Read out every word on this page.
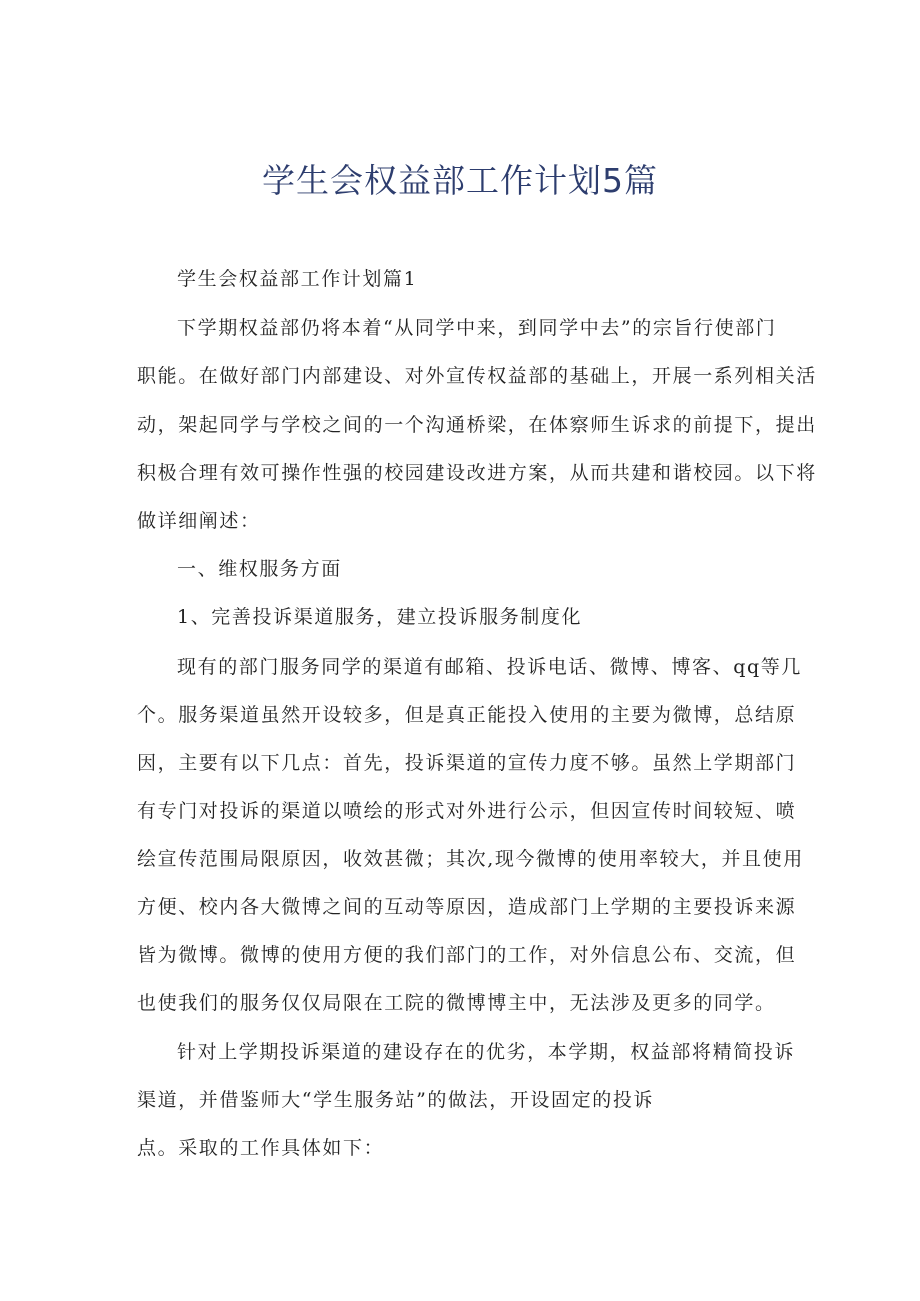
学生会权益部工作计划5篇
学生会权益部工作计划篇1
下学期权益部仍将本着“从同学中来，到同学中去”的宗旨行使部门
职能。在做好部门内部建设、对外宣传权益部的基础上，开展一系列相关活
动，架起同学与学校之间的一个沟通桥梁，在体察师生诉求的前提下，提出
积极合理有效可操作性强的校园建设改进方案，从而共建和谐校园。以下将
做详细阐述：
一、维权服务方面
1、完善投诉渠道服务，建立投诉服务制度化
现有的部门服务同学的渠道有邮箱、投诉电话、微博、博客、qq等几
个。服务渠道虽然开设较多，但是真正能投入使用的主要为微博，总结原
因，主要有以下几点：首先，投诉渠道的宣传力度不够。虽然上学期部门
有专门对投诉的渠道以喷绘的形式对外进行公示，但因宣传时间较短、喷
绘宣传范围局限原因，收效甚微；其次,现今微博的使用率较大，并且使用
方便、校内各大微博之间的互动等原因，造成部门上学期的主要投诉来源
皆为微博。微博的使用方便的我们部门的工作，对外信息公布、交流，但
也使我们的服务仅仅局限在工院的微博博主中，无法涉及更多的同学。
针对上学期投诉渠道的建设存在的优劣，本学期，权益部将精简投诉
渠道，并借鉴师大“学生服务站”的做法，开设固定的投诉
点。采取的工作具体如下：
